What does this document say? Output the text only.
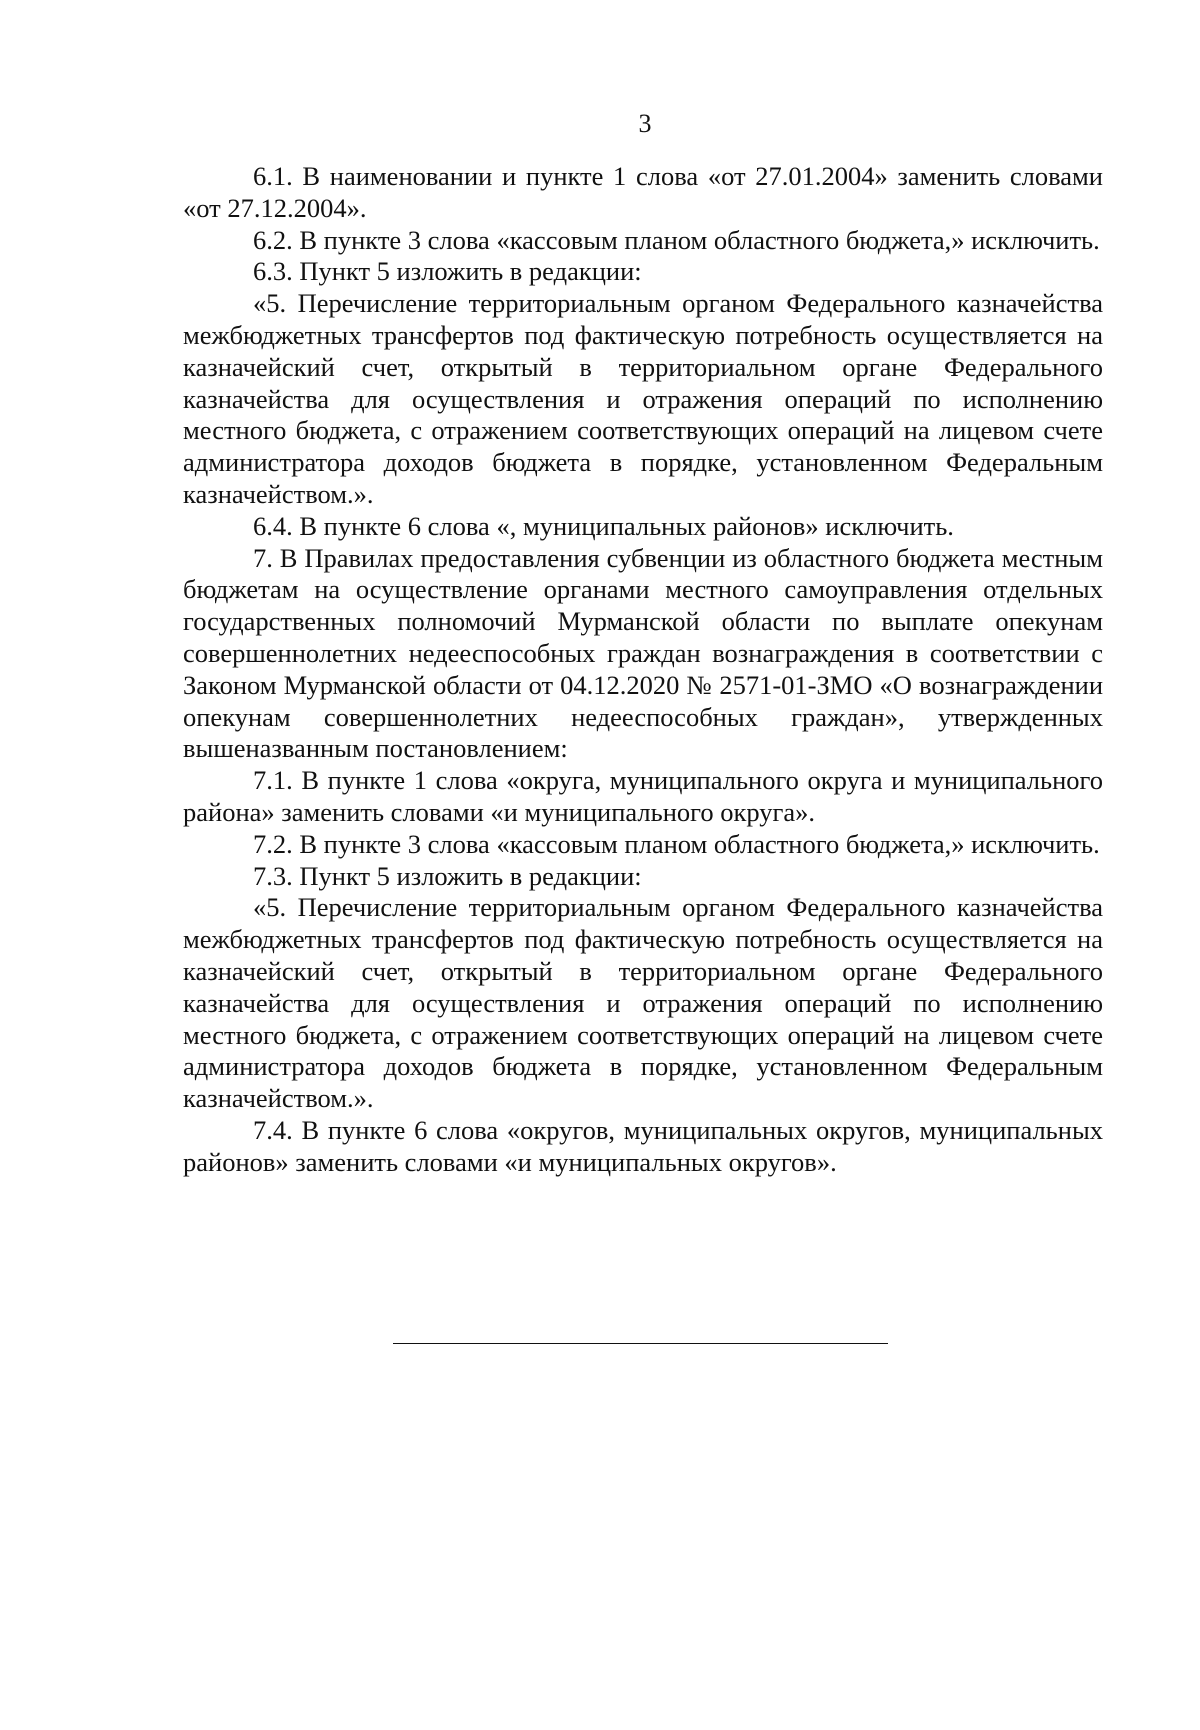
3

6.1. В наименовании и пункте 1 слова «от 27.01.2004» заменить словами «от 27.12.2004».

6.2. В пункте 3 слова «кассовым планом областного бюджета,» исключить.

6.3. Пункт 5 изложить в редакции:

«5. Перечисление территориальным органом Федерального казначейства межбюджетных трансфертов под фактическую потребность осуществляется на казначейский счет, открытый в территориальном органе Федерального казначейства для осуществления и отражения операций по исполнению местного бюджета, с отражением соответствующих операций на лицевом счете администратора доходов бюджета в порядке, установленном Федеральным казначейством.».

6.4. В пункте 6 слова «, муниципальных районов» исключить.

7. В Правилах предоставления субвенции из областного бюджета местным бюджетам на осуществление органами местного самоуправления отдельных государственных полномочий Мурманской области по выплате опекунам совершеннолетних недееспособных граждан вознаграждения в соответствии с Законом Мурманской области от 04.12.2020 № 2571-01-ЗМО «О вознаграждении опекунам совершеннолетних недееспособных граждан», утвержденных вышеназванным постановлением:

7.1. В пункте 1 слова «округа, муниципального округа и муниципального района» заменить словами «и муниципального округа».

7.2. В пункте 3 слова «кассовым планом областного бюджета,» исключить.

7.3. Пункт 5 изложить в редакции:

«5. Перечисление территориальным органом Федерального казначейства межбюджетных трансфертов под фактическую потребность осуществляется на казначейский счет, открытый в территориальном органе Федерального казначейства для осуществления и отражения операций по исполнению местного бюджета, с отражением соответствующих операций на лицевом счете администратора доходов бюджета в порядке, установленном Федеральным казначейством.».

7.4. В пункте 6 слова «округов, муниципальных округов, муниципальных районов» заменить словами «и муниципальных округов».
